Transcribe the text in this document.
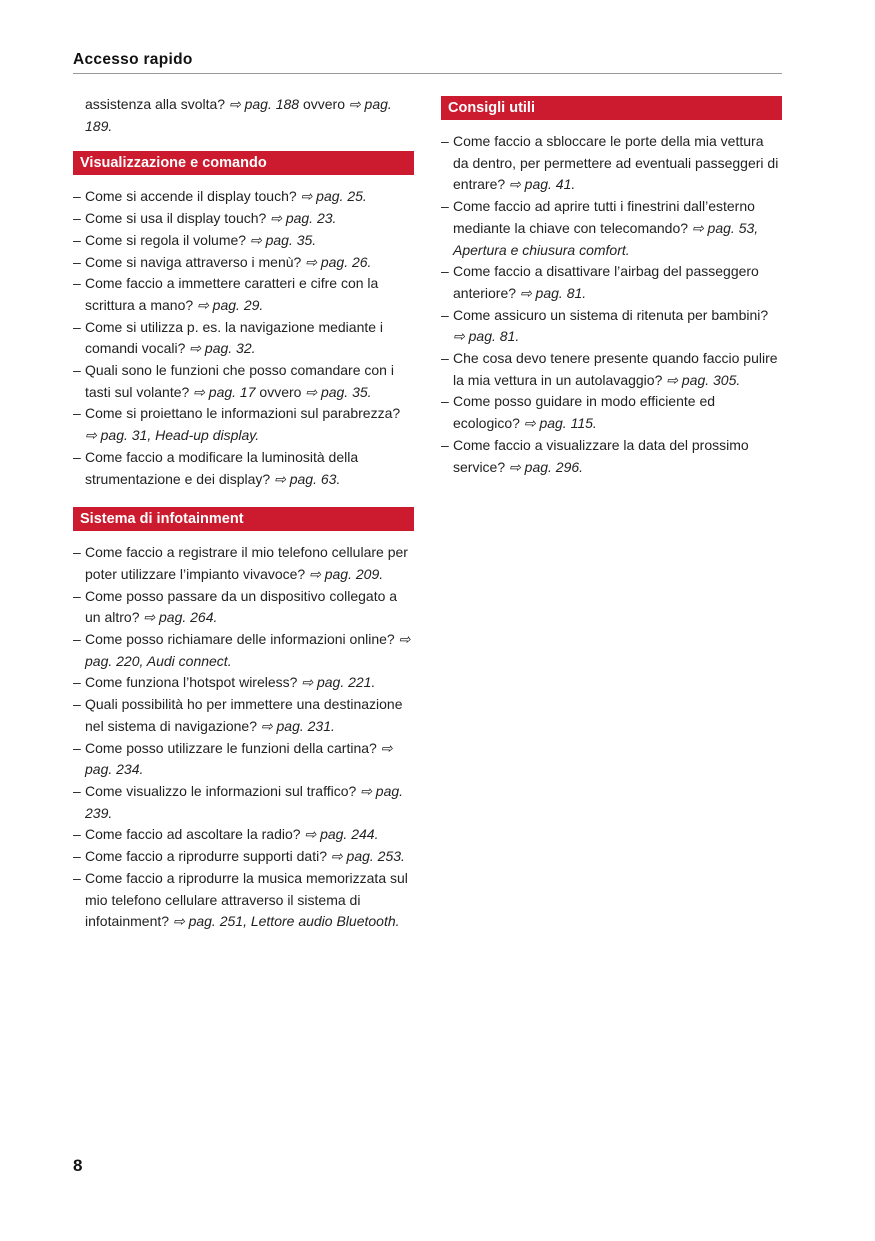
Accesso rapido

assistenza alla svolta? ⇨ pag. 188 ovvero ⇨ pag. 189.

Visualizzazione e comando
– Come si accende il display touch? ⇨ pag. 25.
– Come si usa il display touch? ⇨ pag. 23.
– Come si regola il volume? ⇨ pag. 35.
– Come si naviga attraverso i menù? ⇨ pag. 26.
– Come faccio a immettere caratteri e cifre con la scrittura a mano? ⇨ pag. 29.
– Come si utilizza p. es. la navigazione mediante i comandi vocali? ⇨ pag. 32.
– Quali sono le funzioni che posso comandare con i tasti sul volante? ⇨ pag. 17 ovvero ⇨ pag. 35.
– Come si proiettano le informazioni sul parabrezza? ⇨ pag. 31, Head-up display.
– Come faccio a modificare la luminosità della strumentazione e dei display? ⇨ pag. 63.
Sistema di infotainment
– Come faccio a registrare il mio telefono cellulare per poter utilizzare l’impianto vivavoce? ⇨ pag. 209.
– Come posso passare da un dispositivo collegato a un altro? ⇨ pag. 264.
– Come posso richiamare delle informazioni online? ⇨ pag. 220, Audi connect.
– Come funziona l’hotspot wireless? ⇨ pag. 221.
– Quali possibilità ho per immettere una destinazione nel sistema di navigazione? ⇨ pag. 231.
– Come posso utilizzare le funzioni della cartina? ⇨ pag. 234.
– Come visualizzo le informazioni sul traffico? ⇨ pag. 239.
– Come faccio ad ascoltare la radio? ⇨ pag. 244.
– Come faccio a riprodurre supporti dati? ⇨ pag. 253.
– Come faccio a riprodurre la musica memorizzata sul mio telefono cellulare attraverso il sistema di infotainment? ⇨ pag. 251, Lettore audio Bluetooth.
Consigli utili
– Come faccio a sbloccare le porte della mia vettura da dentro, per permettere ad eventuali passeggeri di entrare? ⇨ pag. 41.
– Come faccio ad aprire tutti i finestrini dall’esterno mediante la chiave con telecomando? ⇨ pag. 53, Apertura e chiusura comfort.
– Come faccio a disattivare l’airbag del passeggero anteriore? ⇨ pag. 81.
– Come assicuro un sistema di ritenuta per bambini? ⇨ pag. 81.
– Che cosa devo tenere presente quando faccio pulire la mia vettura in un autolavaggio? ⇨ pag. 305.
– Come posso guidare in modo efficiente ed ecologico? ⇨ pag. 115.
– Come faccio a visualizzare la data del prossimo service? ⇨ pag. 296.
8
